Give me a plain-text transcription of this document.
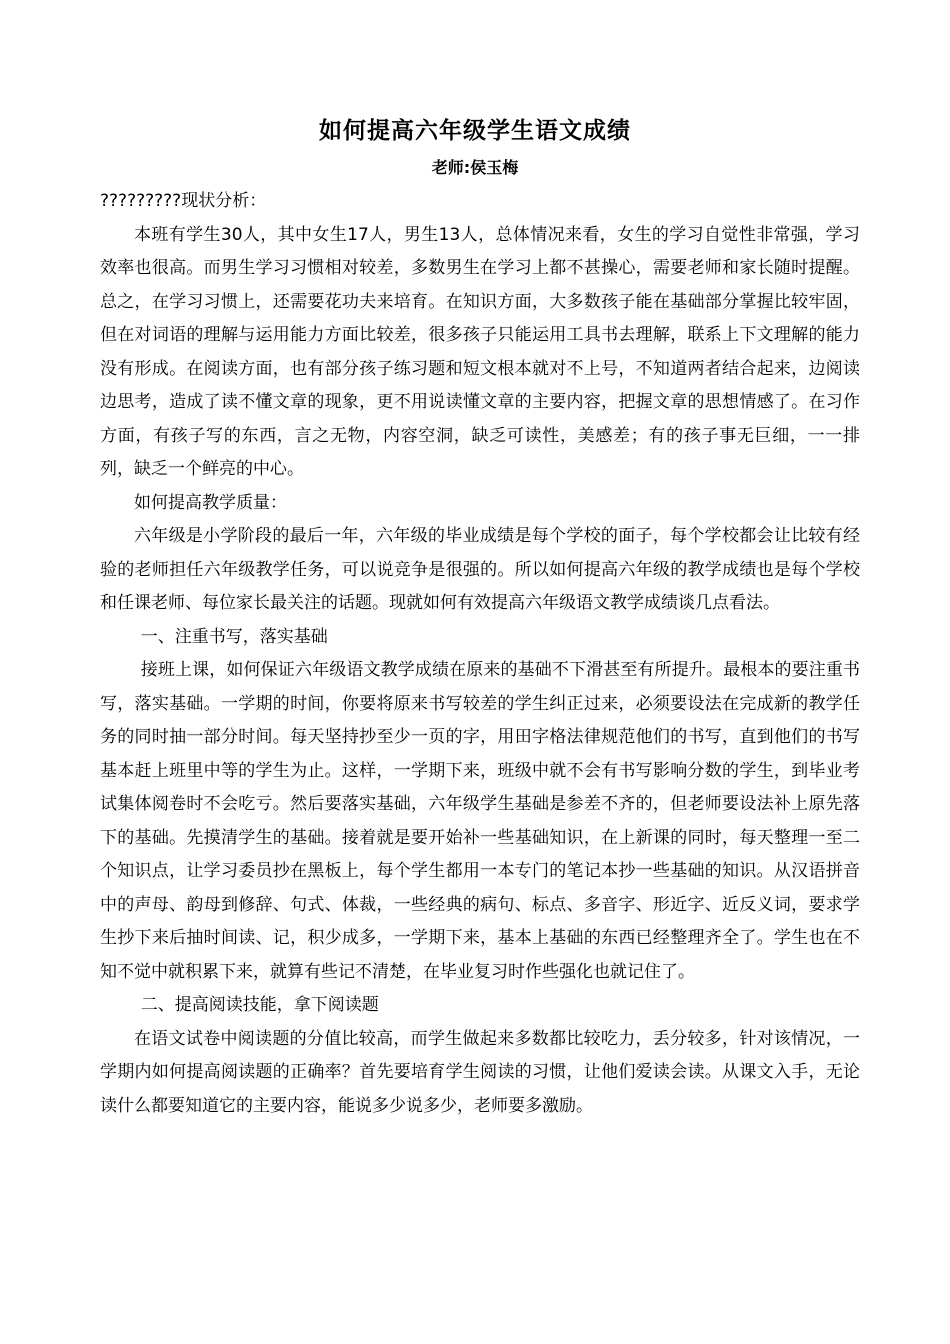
如何提高六年级学生语文成绩
老师:侯玉梅

?????????现状分析：

本班有学生30人，其中女生17人，男生13人，总体情况来看，女生的学习自觉性非常强，学习效率也很高。而男生学习习惯相对较差，多数男生在学习上都不甚操心，需要老师和家长随时提醒。总之，在学习习惯上，还需要花功夫来培育。在知识方面，大多数孩子能在基础部分掌握比较牢固，但在对词语的理解与运用能力方面比较差，很多孩子只能运用工具书去理解，联系上下文理解的能力没有形成。在阅读方面，也有部分孩子练习题和短文根本就对不上号，不知道两者结合起来，边阅读边思考，造成了读不懂文章的现象，更不用说读懂文章的主要内容，把握文章的思想情感了。在习作方面，有孩子写的东西，言之无物，内容空洞，缺乏可读性，美感差；有的孩子事无巨细，一一排列，缺乏一个鲜亮的中心。

如何提高教学质量：

六年级是小学阶段的最后一年，六年级的毕业成绩是每个学校的面子，每个学校都会让比较有经验的老师担任六年级教学任务，可以说竞争是很强的。所以如何提高六年级的教学成绩也是每个学校和任课老师、每位家长最关注的话题。现就如何有效提高六年级语文教学成绩谈几点看法。

一、注重书写，落实基础

接班上课，如何保证六年级语文教学成绩在原来的基础不下滑甚至有所提升。最根本的要注重书写，落实基础。一学期的时间，你要将原来书写较差的学生纠正过来，必须要设法在完成新的教学任务的同时抽一部分时间。每天坚持抄至少一页的字，用田字格法律规范他们的书写，直到他们的书写基本赶上班里中等的学生为止。这样，一学期下来，班级中就不会有书写影响分数的学生，到毕业考试集体阅卷时不会吃亏。然后要落实基础，六年级学生基础是参差不齐的，但老师要设法补上原先落下的基础。先摸清学生的基础。接着就是要开始补一些基础知识，在上新课的同时，每天整理一至二个知识点，让学习委员抄在黑板上，每个学生都用一本专门的笔记本抄一些基础的知识。从汉语拼音中的声母、韵母到修辞、句式、体裁，一些经典的病句、标点、多音字、形近字、近反义词，要求学生抄下来后抽时间读、记，积少成多，一学期下来，基本上基础的东西已经整理齐全了。学生也在不知不觉中就积累下来，就算有些记不清楚，在毕业复习时作些强化也就记住了。

二、提高阅读技能，拿下阅读题

在语文试卷中阅读题的分值比较高，而学生做起来多数都比较吃力，丢分较多，针对该情况，一学期内如何提高阅读题的正确率？首先要培育学生阅读的习惯，让他们爱读会读。从课文入手，无论读什么都要知道它的主要内容，能说多少说多少，老师要多激励。
